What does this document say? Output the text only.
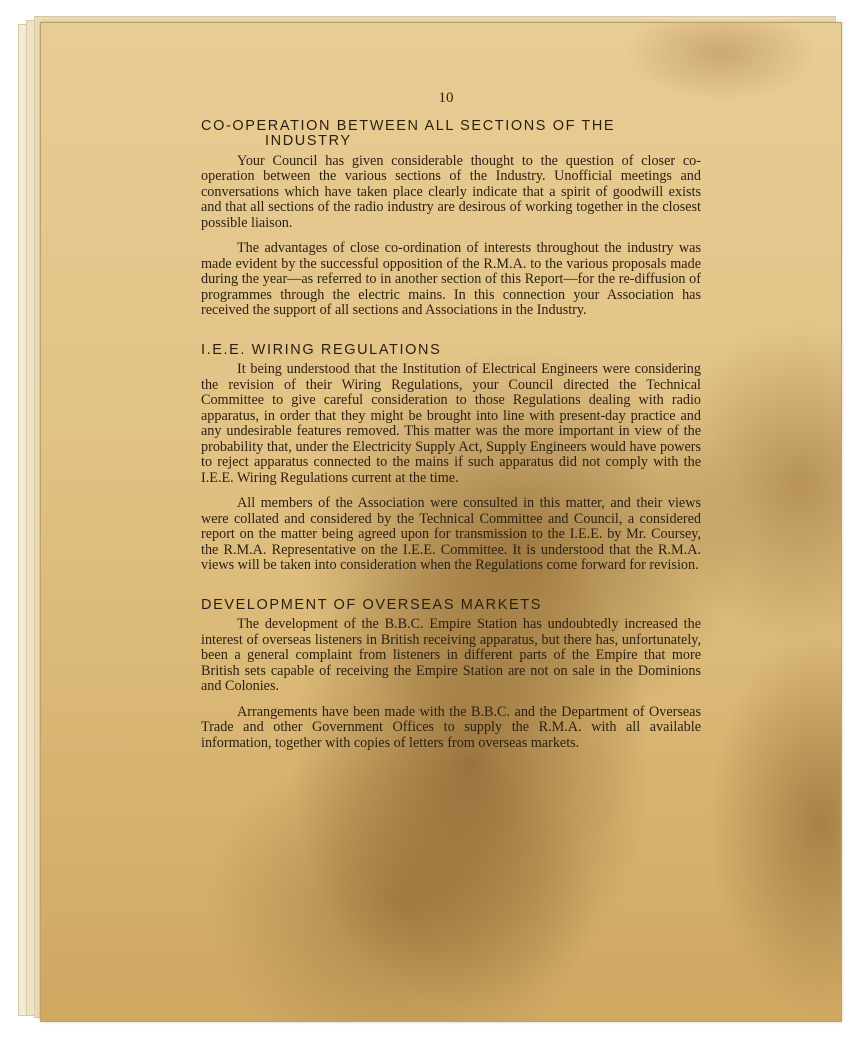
10
CO-OPERATION BETWEEN ALL SECTIONS OF THE
INDUSTRY

Your Council has given considerable thought to the question of closer co-operation between the various sections of the Industry. Unofficial meetings and conversations which have taken place clearly indicate that a spirit of goodwill exists and that all sections of the radio industry are desirous of working together in the closest possible liaison.

The advantages of close co-ordination of interests throughout the industry was made evident by the successful opposition of the R.M.A. to the various proposals made during the year—as referred to in another section of this Report—for the re-diffusion of programmes through the electric mains. In this connection your Association has received the support of all sections and Associations in the Industry.

I.E.E. WIRING REGULATIONS

It being understood that the Institution of Electrical Engineers were considering the revision of their Wiring Regulations, your Council directed the Technical Committee to give careful consideration to those Regulations dealing with radio apparatus, in order that they might be brought into line with present-day practice and any undesirable features removed. This matter was the more important in view of the probability that, under the Electricity Supply Act, Supply Engineers would have powers to reject apparatus connected to the mains if such apparatus did not comply with the I.E.E. Wiring Regulations current at the time.

All members of the Association were consulted in this matter, and their views were collated and considered by the Technical Committee and Council, a considered report on the matter being agreed upon for transmission to the I.E.E. by Mr. Coursey, the R.M.A. Representative on the I.E.E. Committee. It is understood that the R.M.A. views will be taken into consideration when the Regulations come forward for revision.

DEVELOPMENT OF OVERSEAS MARKETS

The development of the B.B.C. Empire Station has undoubtedly increased the interest of overseas listeners in British receiving apparatus, but there has, unfortunately, been a general complaint from listeners in different parts of the Empire that more British sets capable of receiving the Empire Station are not on sale in the Dominions and Colonies.

Arrangements have been made with the B.B.C. and the Department of Overseas Trade and other Government Offices to supply the R.M.A. with all available information, together with copies of letters from overseas markets.
